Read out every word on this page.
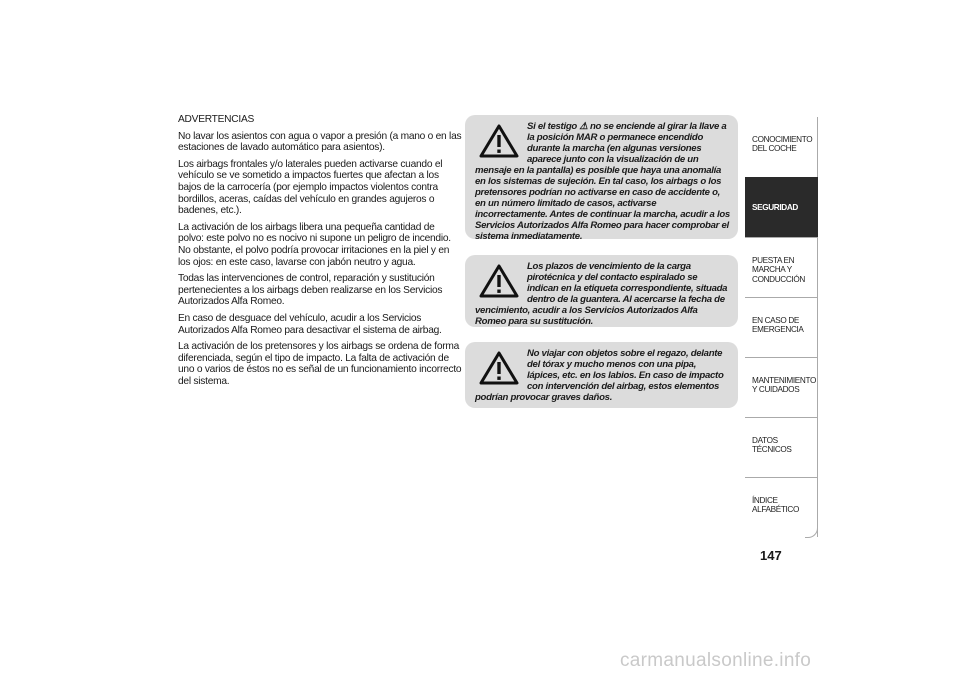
ADVERTENCIAS

No lavar los asientos con agua o vapor a presión (a mano o en las estaciones de lavado automático para asientos).

Los airbags frontales y/o laterales pueden activarse cuando el vehículo se ve sometido a impactos fuertes que afectan a los bajos de la carrocería (por ejemplo impactos violentos contra bordillos, aceras, caídas del vehículo en grandes agujeros o badenes, etc.).

La activación de los airbags libera una pequeña cantidad de polvo: este polvo no es nocivo ni supone un peligro de incendio. No obstante, el polvo podría provocar irritaciones en la piel y en los ojos: en este caso, lavarse con jabón neutro y agua.

Todas las intervenciones de control, reparación y sustitución pertenecientes a los airbags deben realizarse en los Servicios Autorizados Alfa Romeo.

En caso de desguace del vehículo, acudir a los Servicios Autorizados Alfa Romeo para desactivar el sistema de airbag.

La activación de los pretensores y los airbags se ordena de forma diferenciada, según el tipo de impacto. La falta de activación de uno o varios de éstos no es señal de un funcionamiento incorrecto del sistema.

Si el testigo ⚠ no se enciende al girar la llave a la posición MAR o permanece encendido durante la marcha (en algunas versiones aparece junto con la visualización de un mensaje en la pantalla) es posible que haya una anomalía en los sistemas de sujeción. En tal caso, los airbags o los pretensores podrían no activarse en caso de accidente o, en un número limitado de casos, activarse incorrectamente. Antes de continuar la marcha, acudir a los Servicios Autorizados Alfa Romeo para hacer comprobar el sistema inmediatamente.
Los plazos de vencimiento de la carga pirotécnica y del contacto espiralado se indican en la etiqueta correspondiente, situada dentro de la guantera. Al acercarse la fecha de vencimiento, acudir a los Servicios Autorizados Alfa Romeo para su sustitución.
No viajar con objetos sobre el regazo, delante del tórax y mucho menos con una pipa, lápices, etc. en los labios. En caso de impacto con intervención del airbag, estos elementos podrían provocar graves daños.
CONOCIMIENTO DEL COCHE
SEGURIDAD
PUESTA EN MARCHA Y CONDUCCIÓN
EN CASO DE EMERGENCIA
MANTENIMIENTO Y CUIDADOS
DATOS TÉCNICOS
ÍNDICE ALFABÉTICO
147
carmanualsonline.info
